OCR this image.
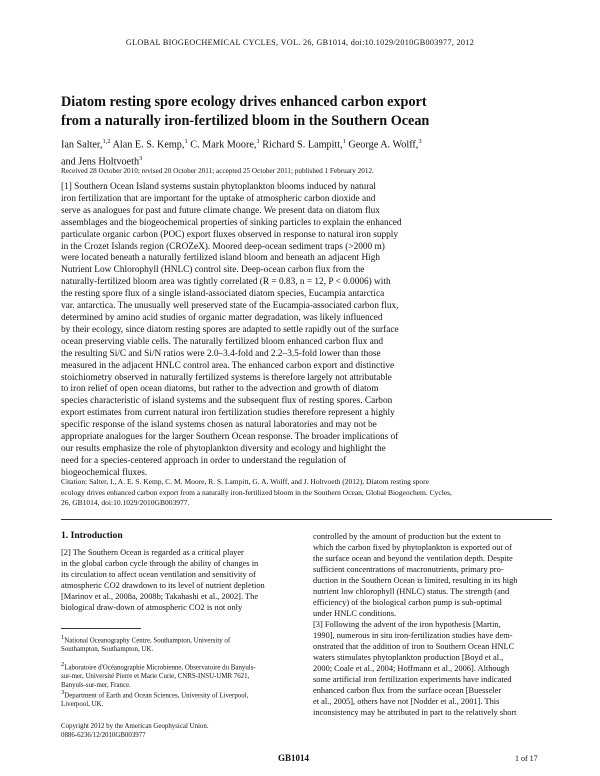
GLOBAL BIOGEOCHEMICAL CYCLES, VOL. 26, GB1014, doi:10.1029/2010GB003977, 2012
Diatom resting spore ecology drives enhanced carbon export
from a naturally iron-fertilized bloom in the Southern Ocean
Ian Salter,$^{1,2}$ Alan E. S. Kemp,$^1$ C. Mark Moore,$^1$ Richard S. Lampitt,$^1$ George A. Wolff,$^3$
and Jens Holtvoeth$^3$
Received 28 October 2010; revised 20 October 2011; accepted 25 October 2011; published 1 February 2012.
[1] Southern Ocean Island systems sustain phytoplankton blooms induced by natural
iron fertilization that are important for the uptake of atmospheric carbon dioxide and
serve as analogues for past and future climate change. We present data on diatom flux
assemblages and the biogeochemical properties of sinking particles to explain the enhanced
particulate organic carbon (POC) export fluxes observed in response to natural iron supply
in the Crozet Islands region (CROZeX). Moored deep-ocean sediment traps (>2000 m)
were located beneath a naturally fertilized island bloom and beneath an adjacent High
Nutrient Low Chlorophyll (HNLC) control site. Deep-ocean carbon flux from the
naturally-fertilized bloom area was tightly correlated (R = 0.83, n = 12, P < 0.0006) with
the resting spore flux of a single island-associated diatom species, Eucampia antarctica
var. antarctica. The unusually well preserved state of the Eucampia-associated carbon flux,
determined by amino acid studies of organic matter degradation, was likely influenced
by their ecology, since diatom resting spores are adapted to settle rapidly out of the surface
ocean preserving viable cells. The naturally fertilized bloom enhanced carbon flux and
the resulting Si/C and Si/N ratios were 2.0–3.4-fold and 2.2–3.5-fold lower than those
measured in the adjacent HNLC control area. The enhanced carbon export and distinctive
stoichiometry observed in naturally fertilized systems is therefore largely not attributable
to iron relief of open ocean diatoms, but rather to the advection and growth of diatom
species characteristic of island systems and the subsequent flux of resting spores. Carbon
export estimates from current natural iron fertilization studies therefore represent a highly
specific response of the island systems chosen as natural laboratories and may not be
appropriate analogues for the larger Southern Ocean response. The broader implications of
our results emphasize the role of phytoplankton diversity and ecology and highlight the
need for a species-centered approach in order to understand the regulation of
biogeochemical fluxes.
Citation: Salter, I., A. E. S. Kemp, C. M. Moore, R. S. Lampitt, G. A. Wolff, and J. Holtvoeth (2012), Diatom resting spore
ecology drives enhanced carbon export from a naturally iron-fertilized bloom in the Southern Ocean, Global Biogeochem. Cycles,
26, GB1014, doi:10.1029/2010GB003977.
1. Introduction
[2] The Southern Ocean is regarded as a critical player
in the global carbon cycle through the ability of changes in
its circulation to affect ocean ventilation and sensitivity of
atmospheric CO2 drawdown to its level of nutrient depletion
[Marinov et al., 2008a, 2008b; Takahashi et al., 2002]. The
biological draw-down of atmospheric CO2 is not only
controlled by the amount of production but the extent to
which the carbon fixed by phytoplankton is exported out of
the surface ocean and beyond the ventilation depth. Despite
sufficient concentrations of macronutrients, primary pro-
duction in the Southern Ocean is limited, resulting in its high
nutrient low chlorophyll (HNLC) status. The strength (and
efficiency) of the biological carbon pump is sub-optimal
under HNLC conditions.
[3] Following the advent of the iron hypothesis [Martin,
1990], numerous in situ iron-fertilization studies have dem-
onstrated that the addition of iron to Southern Ocean HNLC
waters stimulates phytoplankton production [Boyd et al.,
2000; Coale et al., 2004; Hoffmann et al., 2006]. Although
some artificial iron fertilization experiments have indicated
enhanced carbon flux from the surface ocean [Buesseler
et al., 2005], others have not [Nodder et al., 2001]. This
inconsistency may be attributed in part to the relatively short
$^1$National Oceanography Centre, Southampton, University of
Southampton, Southampton, UK.
$^2$Laboratoire d'Océanographie Microbienne, Observatoire du Banyuls-
sur-mer, Université Pierre et Marie Curie, CNRS-INSU-UMR 7621,
Banyuls-sur-mer, France.
$^3$Department of Earth and Ocean Sciences, University of Liverpool,
Liverpool, UK.
Copyright 2012 by the American Geophysical Union.
0886-6236/12/2010GB003977
GB1014	1 of 17
